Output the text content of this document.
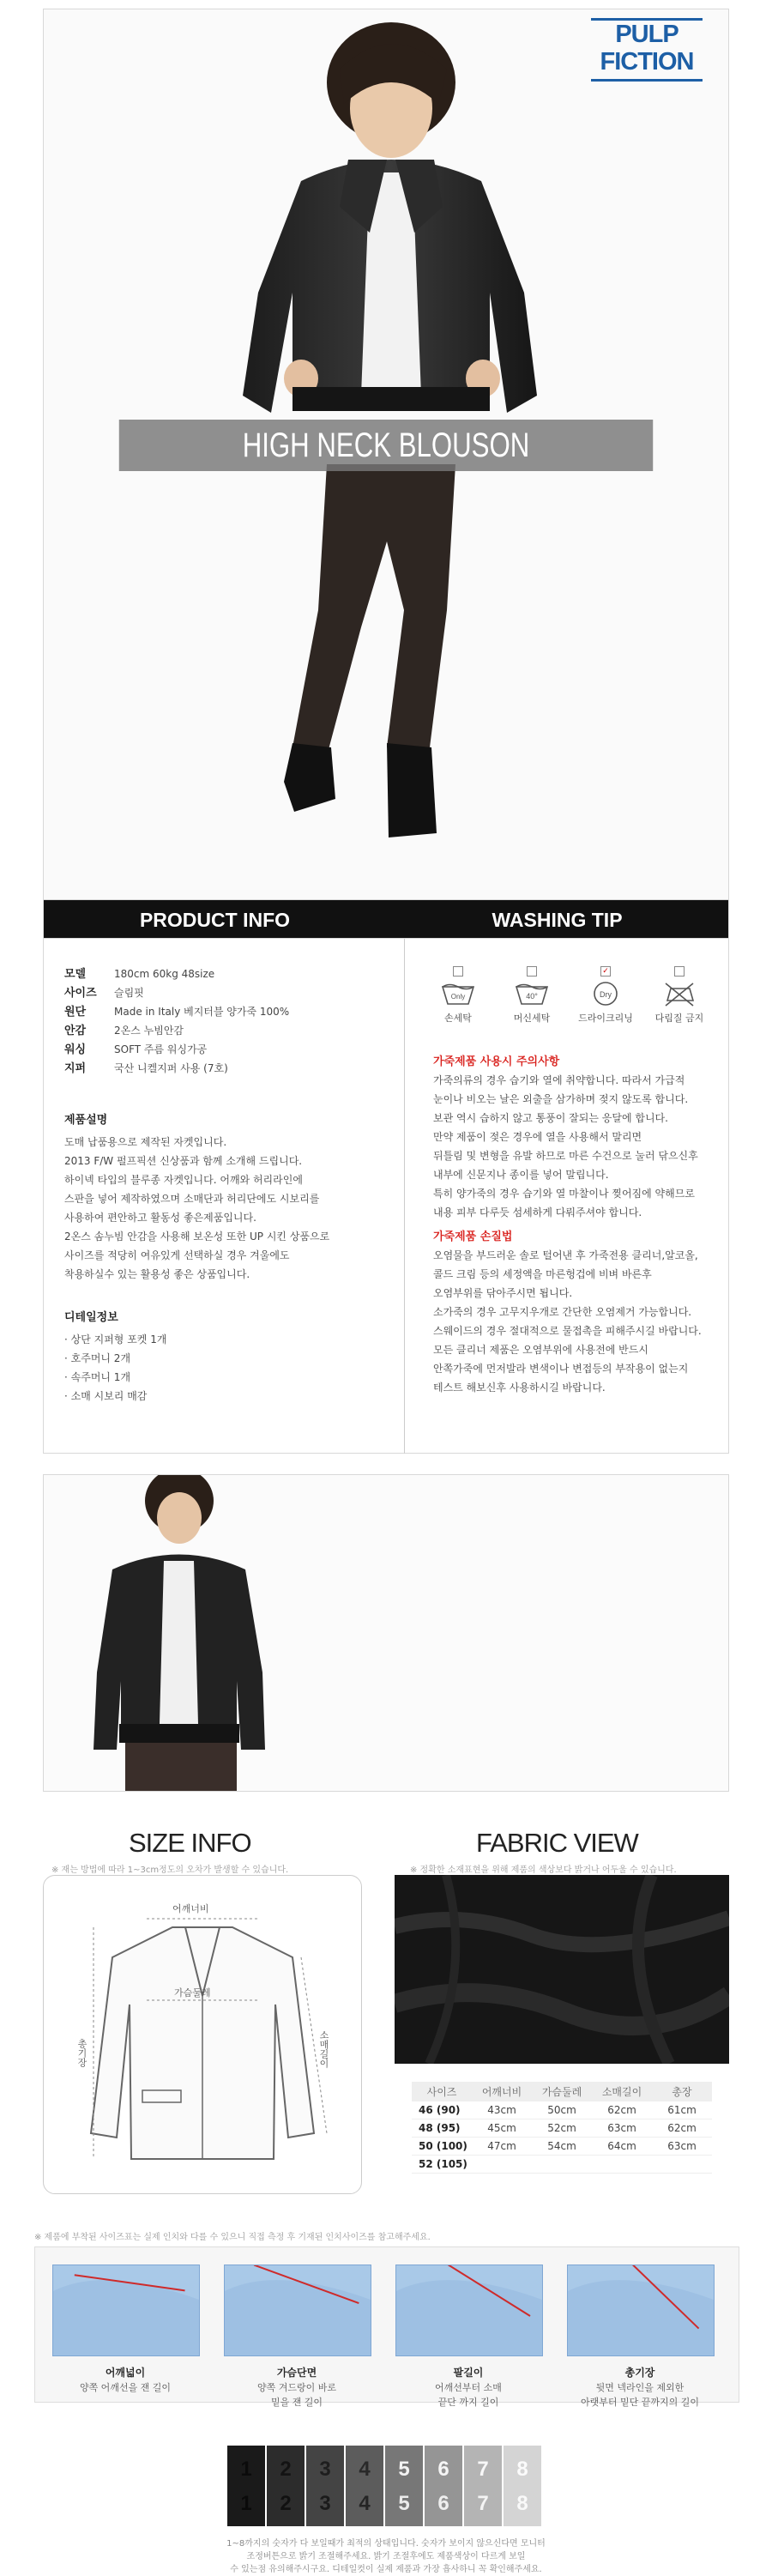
PULP
FICTION
HIGH NECK BLOUSON
PRODUCT INFO	WASHING TIP
모델	180cm 60kg 48size
사이즈 슬림핏
원단	Made in Italy 베지터블 양가죽 100%
안감	2온스 누빔안감
워싱	SOFT 주름 워싱가공
지퍼	국산 니켈지퍼 사용 (7호)
제품설명
도매 납품용으로 제작된 자켓입니다.
2013 F/W 펄프픽션 신상품과 함께 소개해 드립니다.
하이넥 타입의 블루종 자켓입니다. 어깨와 허리라인에
스판을 넣어 제작하였으며 소매단과 허리단에도 시보리를
사용하여 편안하고 활동성 좋은제품입니다.
2온스 솜누빔 안감을 사용해 보온성 또한 UP 시킨 상품으로
사이즈를 적당히 여유있게 선택하실 경우 겨울에도
착용하실수 있는 활용성 좋은 상품입니다.
디테일정보
· 상단 지퍼형 포켓 1개
· 호주머니 2개
· 속주머니 1개
· 소매 시보리 매감
Only
손세탁
40°
머신세탁
✓
Dry
드라이크리닝	다림질 금지
가죽제품 사용시 주의사항
가죽의류의 경우 습기와 열에 취약합니다. 따라서 가급적
눈이나 비오는 날은 외출을 삼가하며 젖지 않도록 합니다.
보관 역시 습하지 않고 통풍이 잘되는 응달에 합니다.
만약 제품이 젖은 경우에 열을 사용해서 말리면
뒤틀림 및 변형을 유발 하므로 마른 수건으로 눌러 닦으신후
내부에 신문지나 종이를 넣어 말립니다.
특히 양가죽의 경우 습기와 열 마찰이나 찢어짐에 약해므로
내용 피부 다루듯 섬세하게 다뤄주셔야 합니다.
가죽제품 손질법
오염물을 부드러운 솔로 털어낸 후 가죽전용 클리너,알코올,
콜드 크림 등의 세정액을 마른헝겁에 비벼 바른후
오염부위를 닦아주시면 됩니다.
소가죽의 경우 고무지우개로 간단한 오염제거 가능합니다.
스웨이드의 경우 절대적으로 물접촉을 피해주시길 바랍니다.
모든 클리너 제품은 오염부위에 사용전에 반드시
안쪽가죽에 먼저발라 변색이나 변접등의 부작용이 없는지
테스트 해보신후 사용하시길 바랍니다.
SIZE INFO
※ 재는 방법에 따라 1~3cm정도의 오차가 발생할 수 있습니다.
FABRIC VIEW
※ 정확한 소재표현을 위해 제품의 색상보다 밝거나 어두울 수 있습니다.
어깨너비
가슴둘레
총기장	소매길이
사이즈	어깨너비	가슴둘레	소매길이	총장
46 (90)	43cm	50cm	62cm	61cm
48 (95)	45cm	52cm	63cm	62cm
50 (100)	47cm	54cm	64cm	63cm
52 (105)				
※ 제품에 부착된 사이즈표는 실제 인치와 다를 수 있으니 직접 측정 후 기재된 인치사이즈를 참고해주세요.
어깨넓이
양쪽 어깨선을 잰 길이
가슴단면
양쪽 겨드랑이 바로
밑을 잰 길이
팔길이
어깨선부터 소매
끝단 까지 길이
총기장
뒷면 넥라인을 제외한
아랫부터 밑단 끝까지의 길이
1
1
2
2
3
3
4
4
5
5
6
6
7
7
8
8
1~8까지의 숫자가 다 보일때가 최적의 상태입니다. 숫자가 보이지 않으신다면 모니터
조정버튼으로 밝기 조절해주세요. 밝기 조절후에도 제품색상이 다르게 보일
수 있는점 유의해주시구요. 디테일컷이 실제 제품과 가장 흡사하니 꼭 확인해주세요.
